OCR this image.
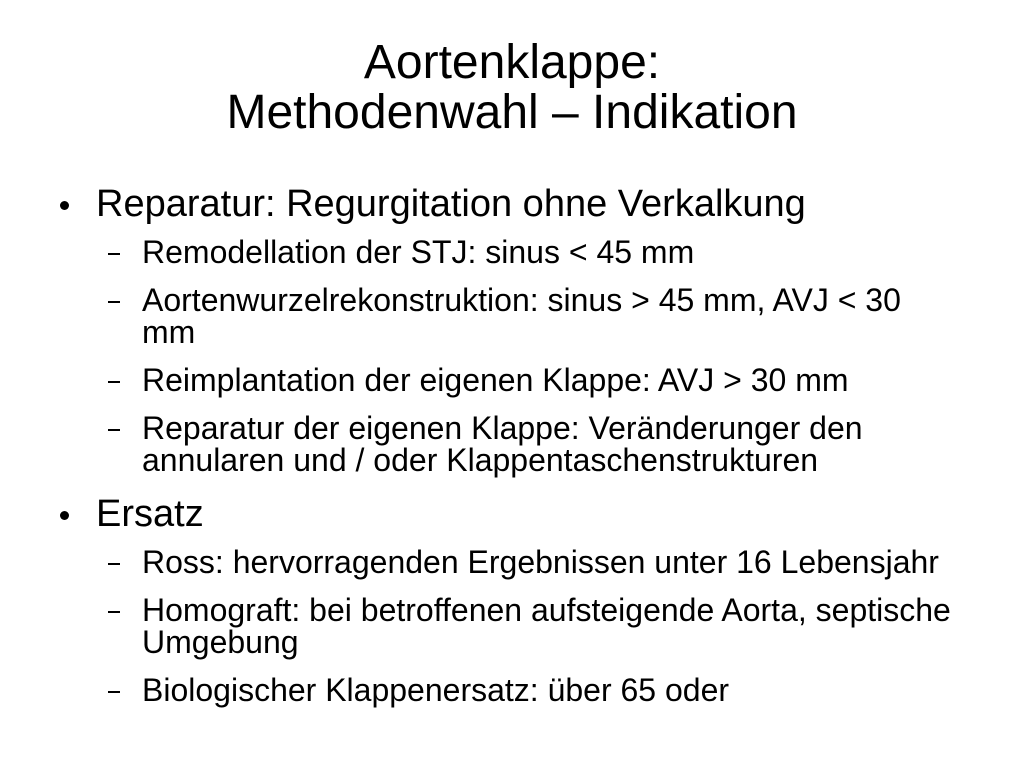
Aortenklappe:
Methodenwahl – Indikation
Reparatur: Regurgitation ohne Verkalkung
Remodellation der STJ: sinus < 45 mm
Aortenwurzelrekonstruktion: sinus > 45 mm, AVJ < 30 mm
Reimplantation der eigenen Klappe: AVJ > 30 mm
Reparatur der eigenen Klappe: Veränderunger den annularen und / oder Klappentaschenstrukturen
Ersatz
Ross: hervorragenden Ergebnissen unter 16 Lebensjahr
Homograft: bei betroffenen aufsteigende Aorta, septische Umgebung
Biologischer Klappenersatz: über 65 oder
